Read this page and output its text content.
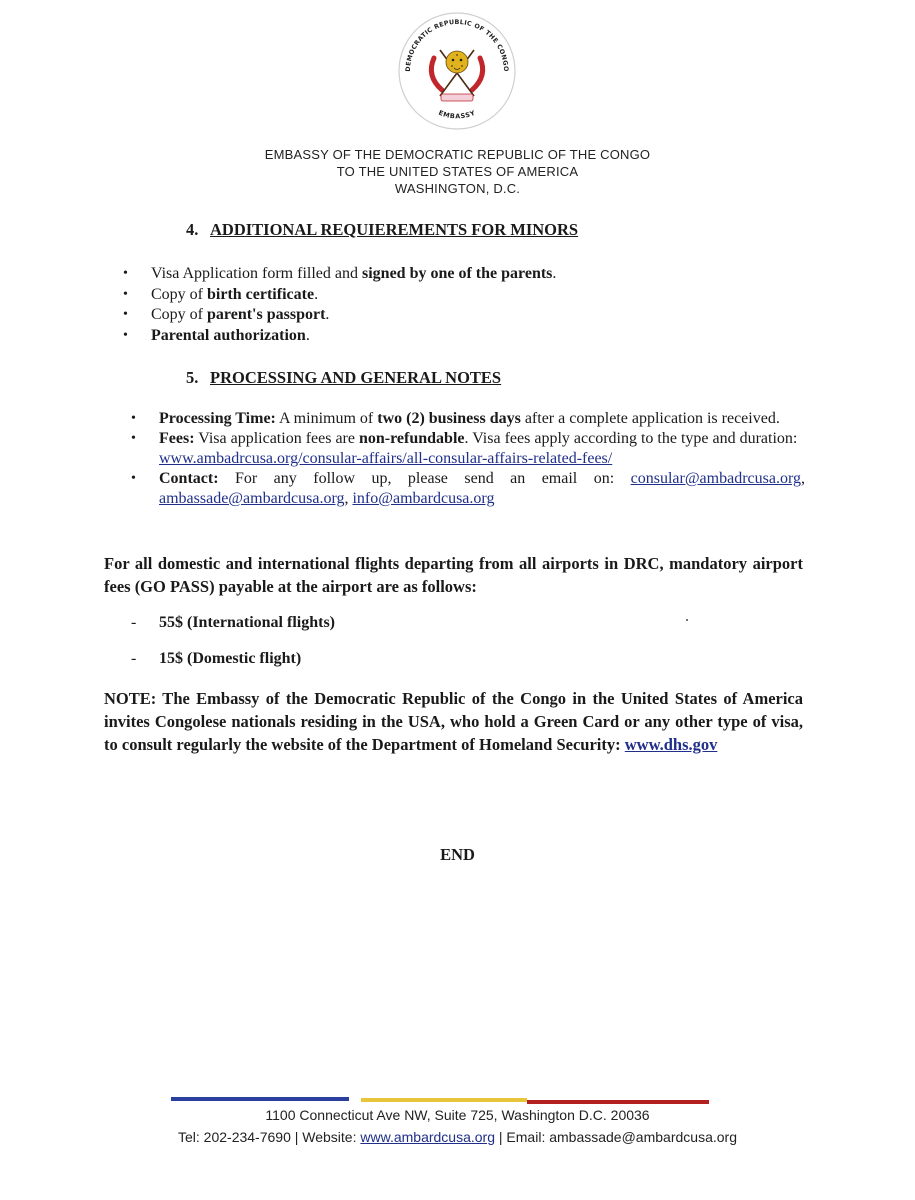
DEMOCRATIC REPUBLIC OF THE CONGO
EMBASSY
EMBASSY OF THE DEMOCRATIC REPUBLIC OF THE CONGO
TO THE UNITED STATES OF AMERICA
WASHINGTON, D.C.
4. ADDITIONAL REQUIEREMENTS FOR MINORS
• Visa Application form filled and signed by one of the parents.
• Copy of birth certificate.
• Copy of parent's passport.
• Parental authorization.
5. PROCESSING AND GENERAL NOTES
• Processing Time: A minimum of two (2) business days after a complete application is received.
• Fees: Visa application fees are non-refundable. Visa fees apply according to the type and duration: www.ambadrcusa.org/consular-affairs/all-consular-affairs-related-fees/
• Contact: For any follow up, please send an email on: consular@ambadrcusa.org, ambassade@ambardcusa.org, info@ambardcusa.org
For all domestic and international flights departing from all airports in DRC, mandatory airport fees (GO PASS) payable at the airport are as follows:
- 55$ (International flights)
- 15$ (Domestic flight)
NOTE: The Embassy of the Democratic Republic of the Congo in the United States of America invites Congolese nationals residing in the USA, who hold a Green Card or any other type of visa, to consult regularly the website of the Department of Homeland Security: www.dhs.gov
END
1100 Connecticut Ave NW, Suite 725, Washington D.C. 20036
Tel: 202-234-7690 | Website: www.ambardcusa.org | Email: ambassade@ambardcusa.org
